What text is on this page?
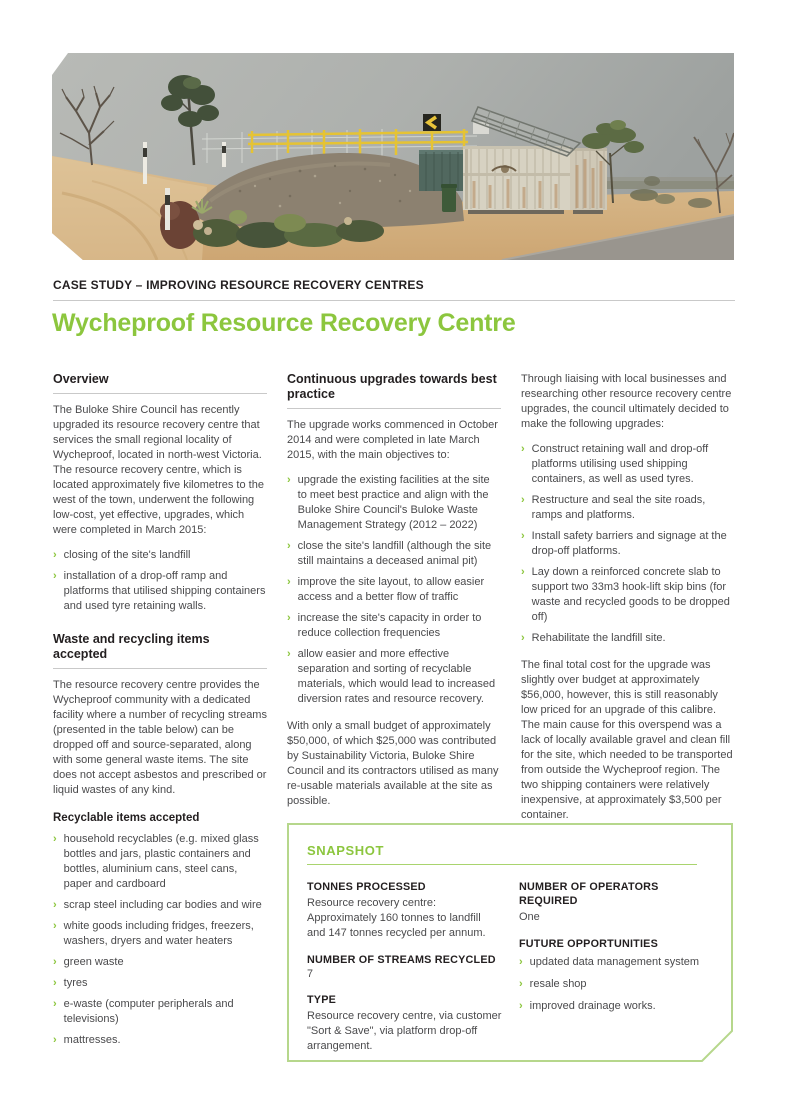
CASE STUDY – IMPROVING RESOURCE RECOVERY CENTRES
Wycheproof Resource Recovery Centre
Overview

The Buloke Shire Council has recently upgraded its resource recovery centre that services the small regional locality of Wycheproof, located in north-west Victoria. The resource recovery centre, which is located approximately five kilometres to the west of the town, underwent the following low-cost, yet effective, upgrades, which were completed in March 2015:

› closing of the site's landfill
› installation of a drop-off ramp and platforms that utilised shipping containers and used tyre retaining walls.
Waste and recycling items accepted

The resource recovery centre provides the Wycheproof community with a dedicated facility where a number of recycling streams (presented in the table below) can be dropped off and source-separated, along with some general waste items. The site does not accept asbestos and prescribed or liquid wastes of any kind.

Recyclable items accepted
› household recyclables (e.g. mixed glass bottles and jars, plastic containers and bottles, aluminium cans, steel cans, paper and cardboard
› scrap steel including car bodies and wire
› white goods including fridges, freezers, washers, dryers and water heaters
› green waste
› tyres
› e-waste (computer peripherals and televisions)
› mattresses.
Continuous upgrades towards best practice

The upgrade works commenced in October 2014 and were completed in late March 2015, with the main objectives to:

› upgrade the existing facilities at the site to meet best practice and align with the Buloke Shire Council's Buloke Waste Management Strategy (2012 – 2022)
› close the site's landfill (although the site still maintains a deceased animal pit)
› improve the site layout, to allow easier access and a better flow of traffic
› increase the site's capacity in order to reduce collection frequencies
› allow easier and more effective separation and sorting of recyclable materials, which would lead to increased diversion rates and resource recovery.

With only a small budget of approximately $50,000, of which $25,000 was contributed by Sustainability Victoria, Buloke Shire Council and its contractors utilised as many re-usable materials available at the site as possible.

Through liaising with local businesses and researching other resource recovery centre upgrades, the council ultimately decided to make the following upgrades:

› Construct retaining wall and drop-off platforms utilising used shipping containers, as well as used tyres.
› Restructure and seal the site roads, ramps and platforms.
› Install safety barriers and signage at the drop-off platforms.
› Lay down a reinforced concrete slab to support two 33m3 hook-lift skip bins (for waste and recycled goods to be dropped off)
› Rehabilitate the landfill site.

The final total cost for the upgrade was slightly over budget at approximately $56,000, however, this is still reasonably low priced for an upgrade of this calibre. The main cause for this overspend was a lack of locally available gravel and clean fill for the site, which needed to be transported from outside the Wycheproof region. The two shipping containers were relatively inexpensive, at approximately $3,500 per container.

SNAPSHOT
TONNES PROCESSED
Resource recovery centre: Approximately 160 tonnes to landfill and 147 tonnes recycled per annum.
NUMBER OF STREAMS RECYCLED 7
TYPE
Resource recovery centre, via customer "Sort & Save", via platform drop-off arrangement.
NUMBER OF OPERATORS REQUIRED
One
FUTURE OPPORTUNITIES
› updated data management system
› resale shop
› improved drainage works.
